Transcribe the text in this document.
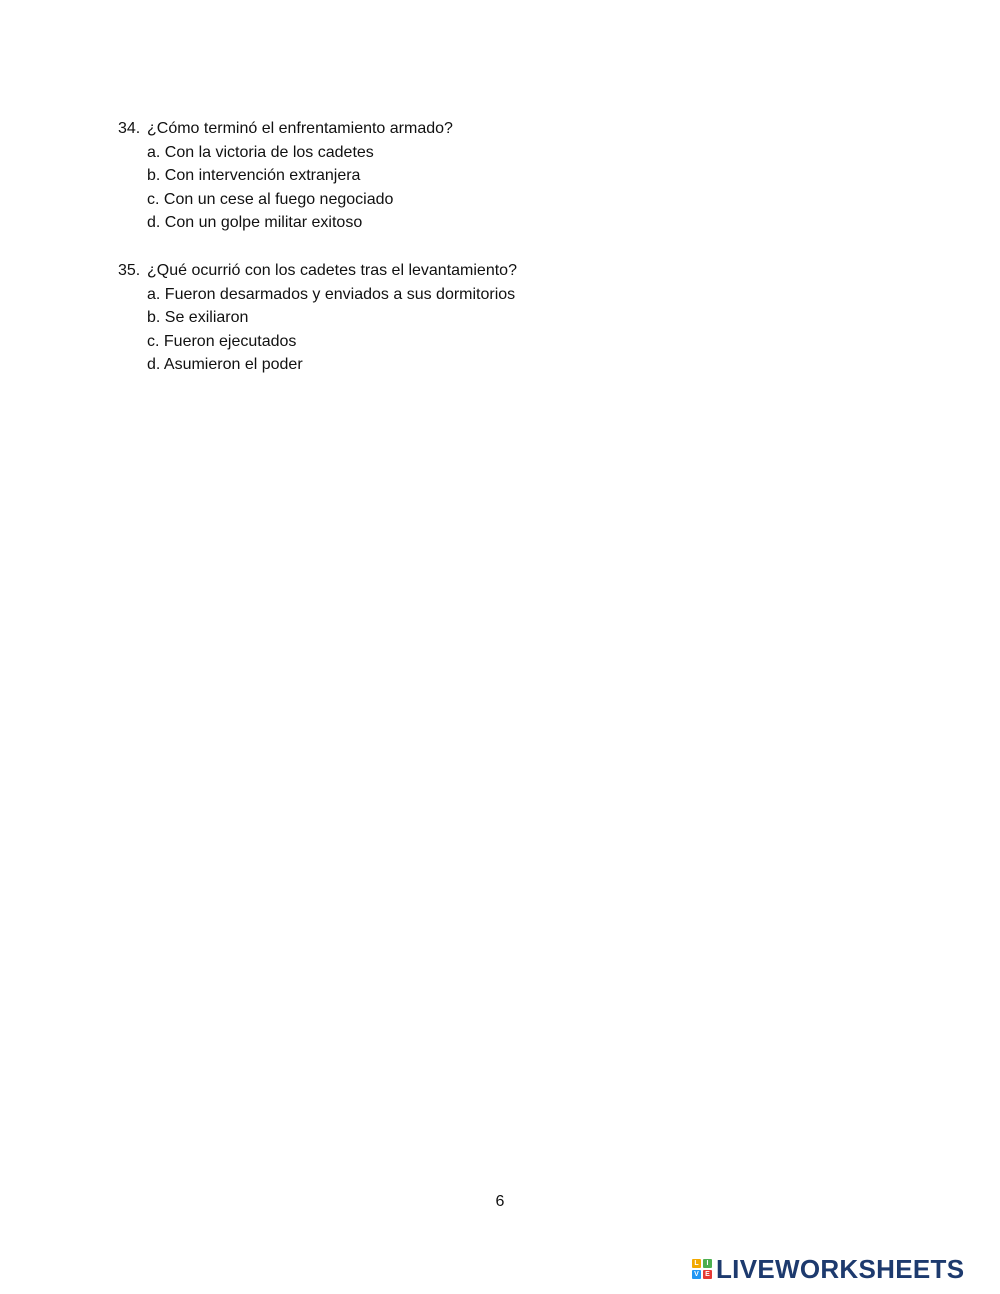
34. ¿Cómo terminó el enfrentamiento armado?
a. Con la victoria de los cadetes
b. Con intervención extranjera
c. Con un cese al fuego negociado
d. Con un golpe militar exitoso
35. ¿Qué ocurrió con los cadetes tras el levantamiento?
a. Fueron desarmados y enviados a sus dormitorios
b. Se exiliaron
c. Fueron ejecutados
d. Asumieron el poder
6
L	I
V E LIVEWORKSHEETS
